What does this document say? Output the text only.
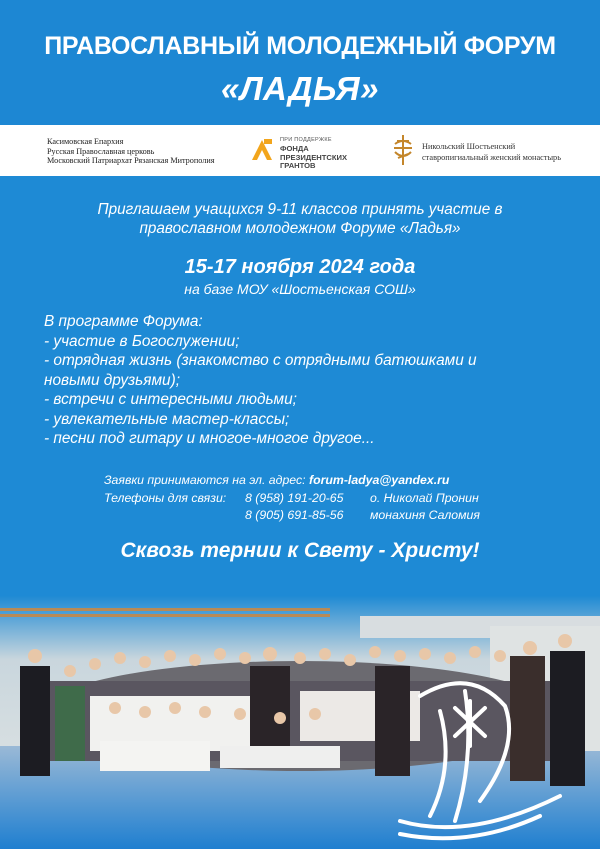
ПРАВОСЛАВНЫЙ МОЛОДЕЖНЫЙ ФОРУМ
«ЛАДЬЯ»
Касимовская Епархия
Русская Православная церковь
Московский Патриархат Рязанская Митрополия
ПРИ ПОДДЕРЖКЕ
ФОНДА
ПРЕЗИДЕНТСКИХ
ГРАНТОВ
Никольский Шостьенский
ставропигиальный женский монастырь
Приглашаем учащихся 9-11 классов принять участие в
православном молодежном Форуме «Ладья»
15-17 ноября 2024 года
на базе МОУ «Шостьенская СОШ»
В программе Форума:
- участие в Богослужении;
- отрядная жизнь (знакомство с отрядными батюшками и
новыми друзьями);
- встречи с интересными людьми;
- увлекательные мастер-классы;
- песни под гитару и многое-многое другое...
Заявки принимаются на эл. адрес: forum-ladya@yandex.ru
Телефоны для связи: 8 (958) 191-20-65 о. Николай Пронин
8 (905) 691-85-56 монахиня Саломия
Сквозь тернии к Свету - Христу!
